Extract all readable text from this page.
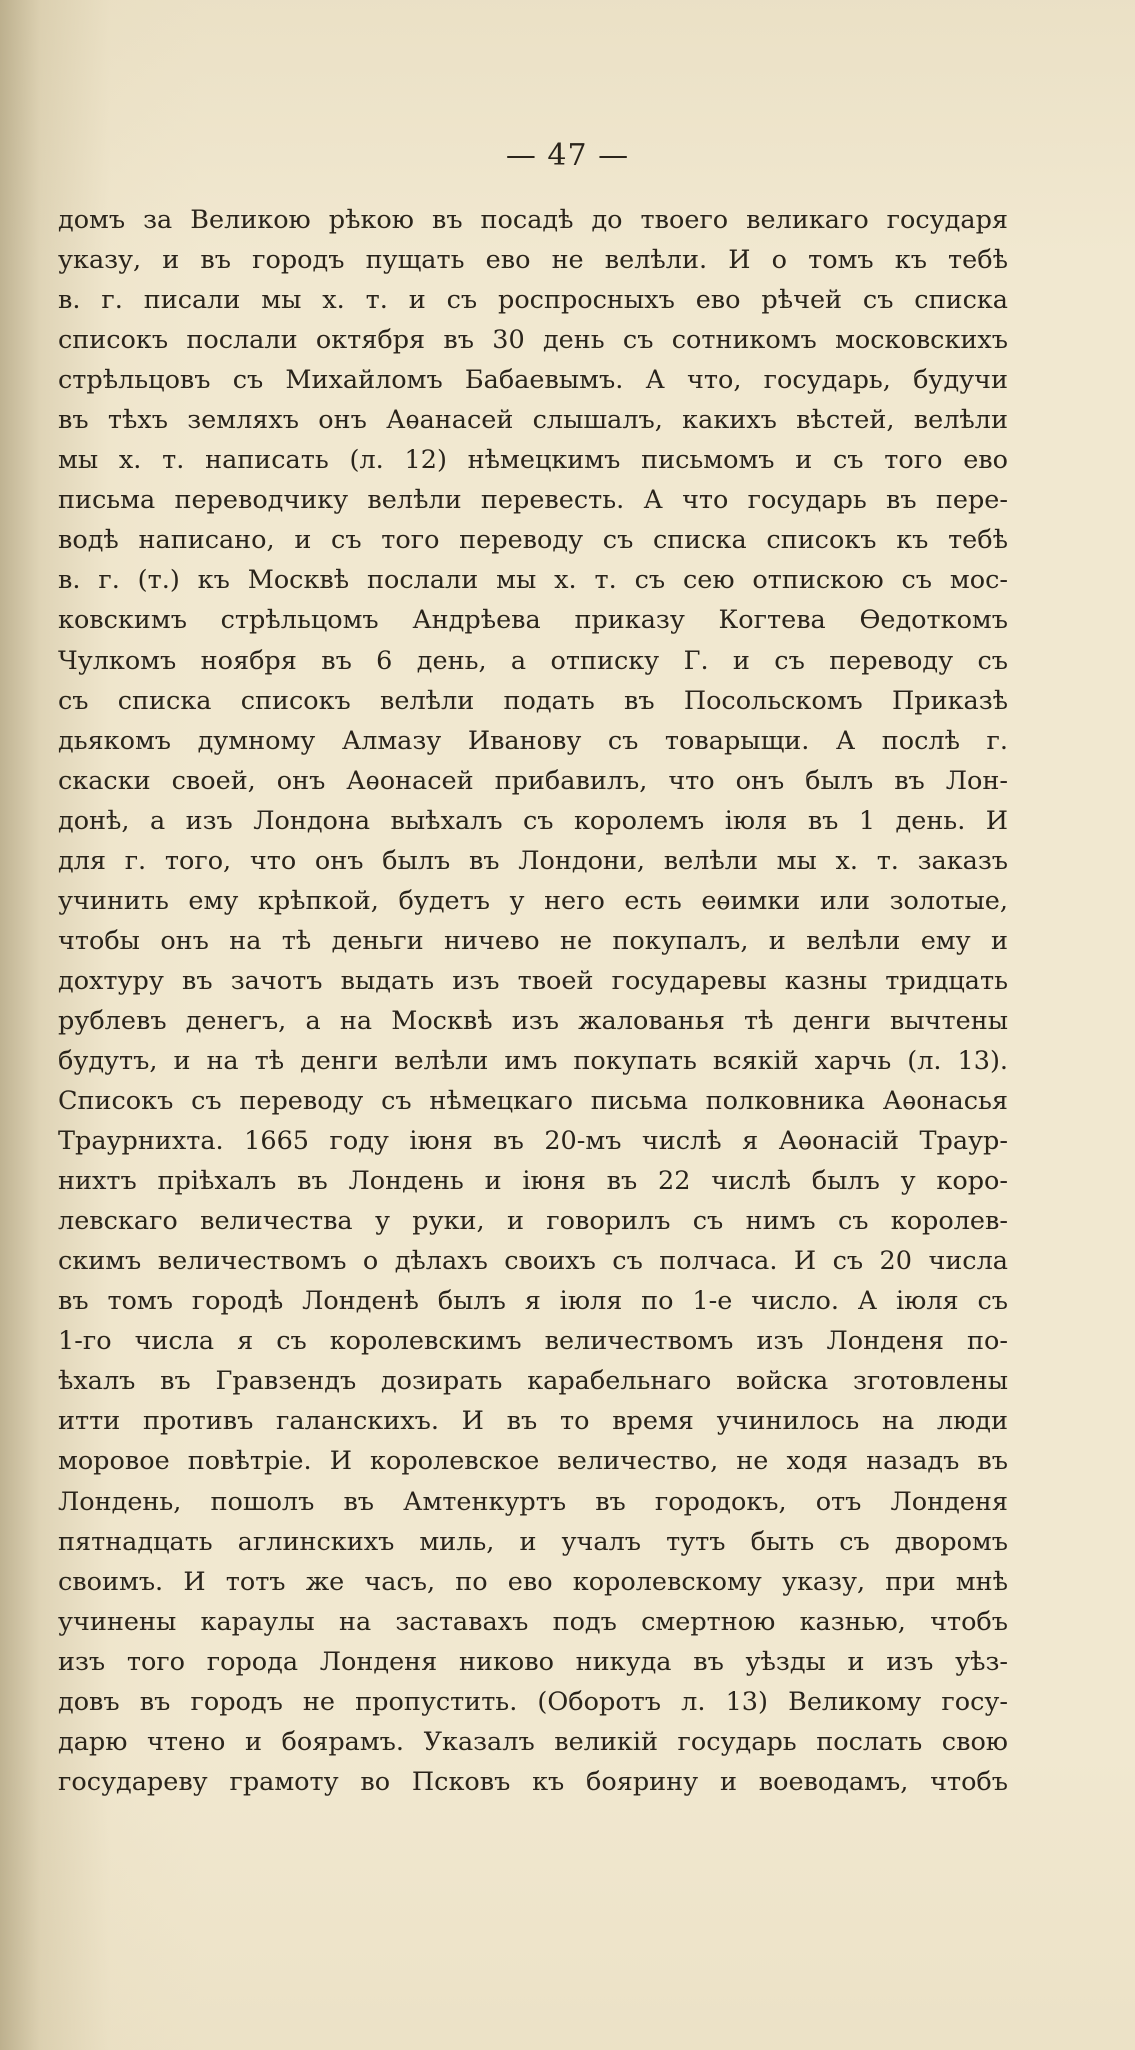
— 47 —
домъ за Великою рѣкою въ посадѣ до твоего великаго государя
указу, и въ городъ пущать ево не велѣли. И о томъ къ тебѣ
в. г. писали мы х. т. и съ роспросныхъ ево рѣчей съ списка
списокъ послали октября въ 30 день съ сотникомъ московскихъ
стрѣльцовъ съ Михайломъ Бабаевымъ. А что, государь, будучи
въ тѣхъ земляхъ онъ Аѳанасей слышалъ, какихъ вѣстей, велѣли
мы х. т. написать (л. 12) нѣмецкимъ письмомъ и съ того ево
письма переводчику велѣли перевесть. А что государь въ пере-
водѣ написано, и съ того переводу съ списка списокъ къ тебѣ
в. г. (т.) къ Москвѣ послали мы х. т. съ сею отпискою съ мос-
ковскимъ стрѣльцомъ Андрѣева приказу Когтева Ѳедоткомъ
Чулкомъ ноября въ 6 день, а отписку Г. и съ переводу съ
съ списка списокъ велѣли подать въ Посольскомъ Приказѣ
дьякомъ думному Алмазу Иванову съ товарыщи. А послѣ г.
скаски своей, онъ Аѳонасей прибавилъ, что онъ былъ въ Лон-
донѣ, а изъ Лондона выѣхалъ съ королемъ іюля въ 1 день. И
для г. того, что онъ былъ въ Лондони, велѣли мы х. т. заказъ
учинить ему крѣпкой, будетъ у него есть еѳимки или золотые,
чтобы онъ на тѣ деньги ничево не покупалъ, и велѣли ему и
дохтуру въ зачотъ выдать изъ твоей государевы казны тридцать
рублевъ денегъ, а на Москвѣ изъ жалованья тѣ денги вычтены
будутъ, и на тѣ денги велѣли имъ покупать всякій харчь (л. 13).
Списокъ съ переводу съ нѣмецкаго письма полковника Аѳонасья
Траурнихта. 1665 году іюня въ 20-мъ числѣ я Аѳонасій Траур-
нихтъ пріѣхалъ въ Лондень и іюня въ 22 числѣ былъ у коро-
левскаго величества у руки, и говорилъ съ нимъ съ королев-
скимъ величествомъ о дѣлахъ своихъ съ полчаса. И съ 20 числа
въ томъ городѣ Лонденѣ былъ я іюля по 1-е число. А іюля съ
1-го числа я съ королевскимъ величествомъ изъ Лонденя по-
ѣхалъ въ Гравзендъ дозирать карабельнаго войска зготовлены
итти противъ галанскихъ. И въ то время учинилось на люди
моровое повѣтріе. И королевское величество, не ходя назадъ въ
Лондень, пошолъ въ Амтенкуртъ въ городокъ, отъ Лонденя
пятнадцать аглинскихъ миль, и учалъ тутъ быть съ дворомъ
своимъ. И тотъ же часъ, по ево королевскому указу, при мнѣ
учинены караулы на заставахъ подъ смертною казнью, чтобъ
изъ того города Лонденя никово никуда въ уѣзды и изъ уѣз-
довъ въ городъ не пропустить. (Оборотъ л. 13) Великому госу-
дарю чтено и боярамъ. Указалъ великій государь послать свою
государеву грамоту во Псковъ къ боярину и воеводамъ, чтобъ
